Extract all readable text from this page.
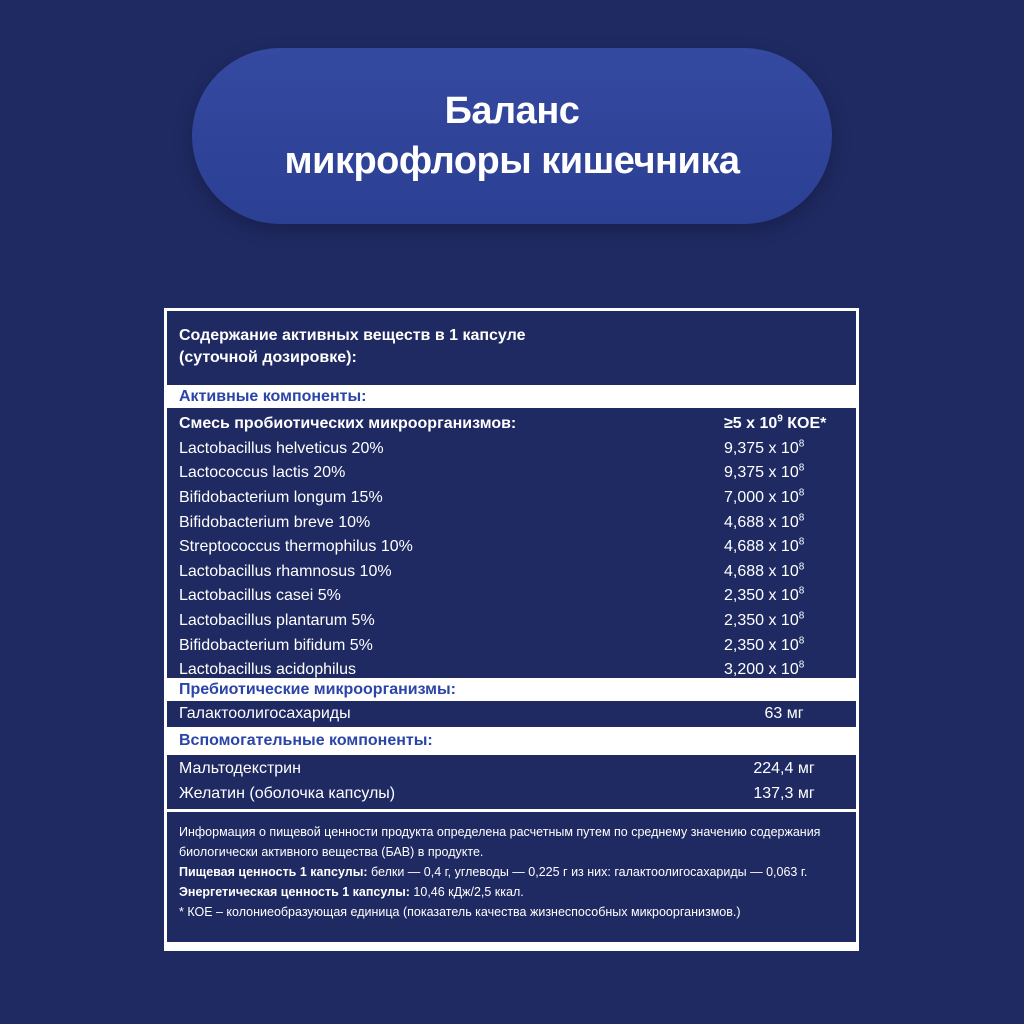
Баланс
микрофлоры кишечника
Содержание активных веществ в 1 капсуле
(суточной дозировке):
Активные компоненты:
Смесь пробиотических микроорганизмов:	≥5 x $10^9$ КОЕ*
Lactobacillus helveticus 20%	9,375 x $10^8$
Lactococcus lactis 20%	9,375 x $10^8$
Bifidobacterium longum 15%	7,000 x $10^8$
Bifidobacterium breve 10%	4,688 x $10^8$
Streptococcus thermophilus 10%	4,688 x $10^8$
Lactobacillus rhamnosus 10%	4,688 x $10^8$
Lactobacillus casei 5%	2,350 x $10^8$
Lactobacillus plantarum 5%	2,350 x $10^8$
Bifidobacterium bifidum 5%	2,350 x $10^8$
Lactobacillus acidophilus	3,200 x $10^8$
Пребиотические микроорганизмы:
Галактоолигосахариды	63 мг
Вспомогательные компоненты:
Мальтодекстрин	224,4 мг
Желатин (оболочка капсулы)	137,3 мг
Информация о пищевой ценности продукта определена расчетным путем по среднему значению содержания биологически активного вещества (БАВ) в продукте.
Пищевая ценность 1 капсулы: белки — 0,4 г, углеводы — 0,225 г из них: галактоолигосахариды — 0,063 г.
Энергетическая ценность 1 капсулы: 10,46 кДж/2,5 ккал.
* КОЕ – колониеобразующая единица (показатель качества жизнеспособных микроорганизмов.)
